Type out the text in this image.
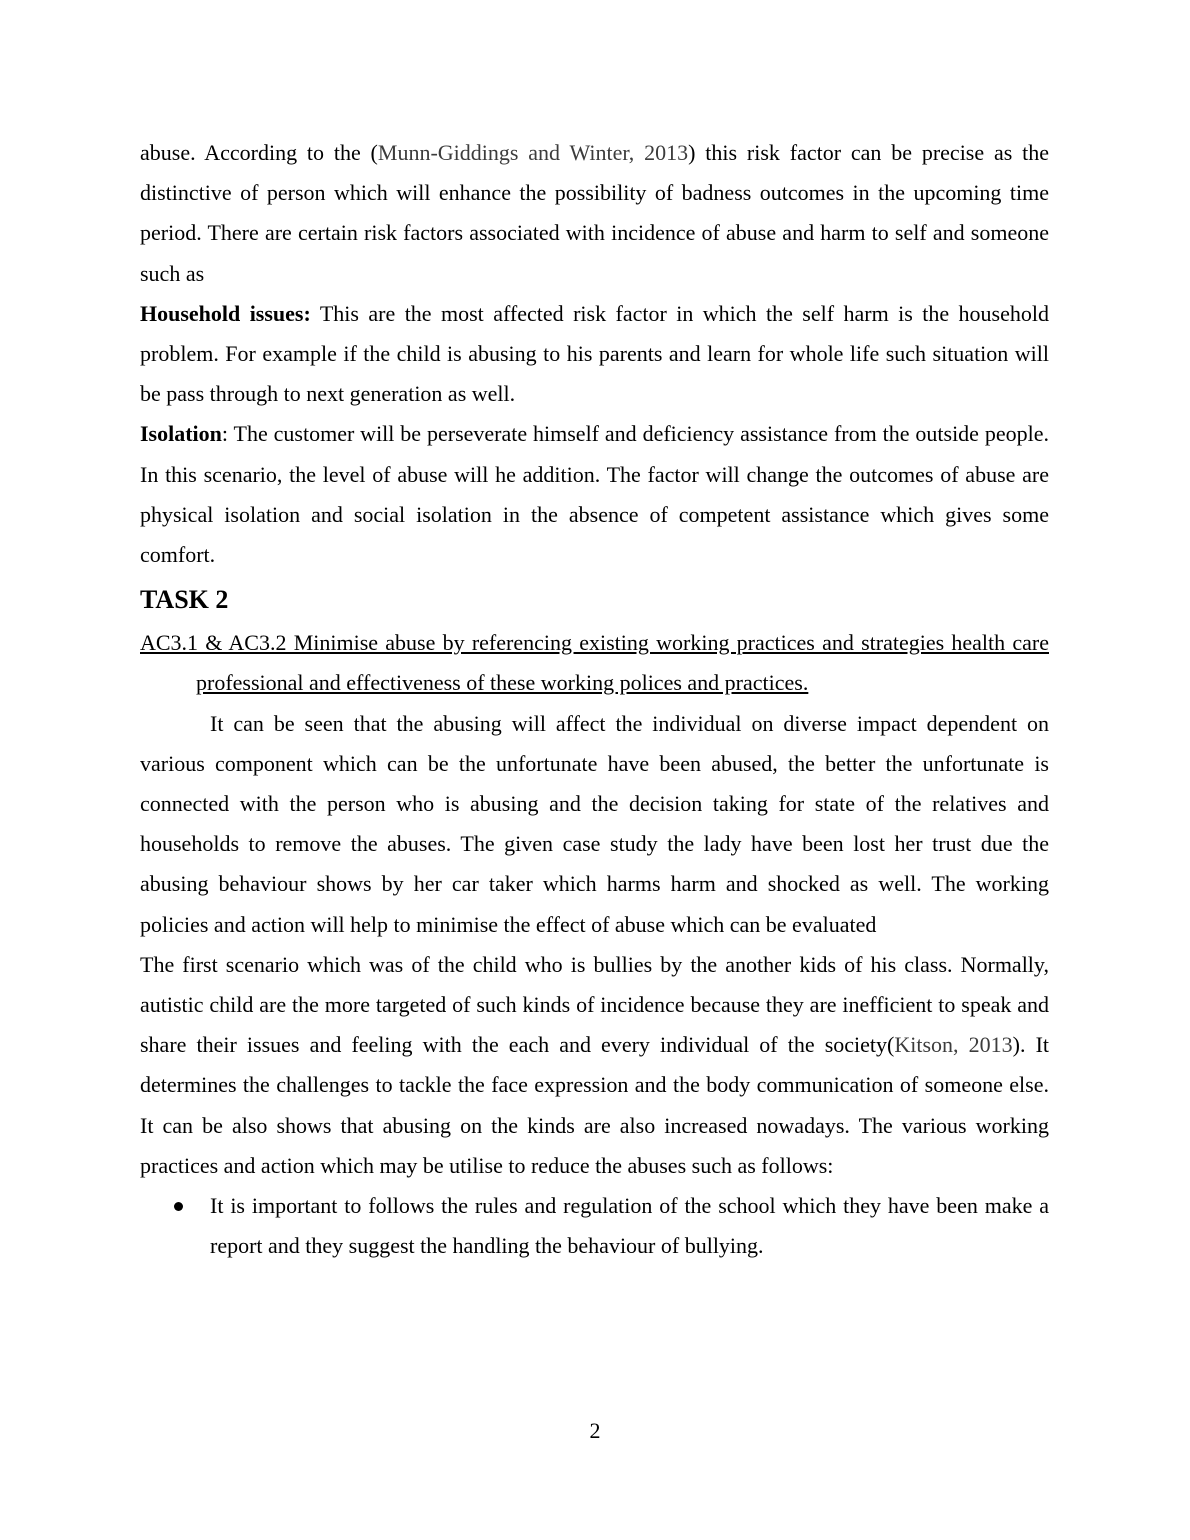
abuse. According to the (Munn-Giddings and Winter, 2013) this risk factor can be precise as the distinctive of person which will enhance the possibility of badness outcomes in the upcoming time period. There are certain risk factors associated with incidence of abuse and harm to self and someone such as

Household issues: This are the most affected risk factor in which the self harm is the household problem. For example if the child is abusing to his parents and learn for whole life such situation will be pass through to next generation as well.

Isolation: The customer will be perseverate himself and deficiency assistance from the outside people. In this scenario, the level of abuse will he addition. The factor will change the outcomes of abuse are physical isolation and social isolation in the absence of competent assistance which gives some comfort.

TASK 2

AC3.1 & AC3.2 Minimise abuse by referencing existing working practices and strategies health care professional and effectiveness of these working polices and practices.

It can be seen that the abusing will affect the individual on diverse impact dependent on various component which can be the unfortunate have been abused, the better the unfortunate is connected with the person who is abusing and the decision taking for state of the relatives and households to remove the abuses. The given case study the lady have been lost her trust due the abusing behaviour shows by her car taker which harms harm and shocked as well. The working policies and action will help to minimise the effect of abuse which can be evaluated

The first scenario which was of the child who is bullies by the another kids of his class. Normally, autistic child are the more targeted of such kinds of incidence because they are inefficient to speak and share their issues and feeling with the each and every individual of the society(Kitson, 2013). It determines the challenges to tackle the face expression and the body communication of someone else. It can be also shows that abusing on the kinds are also increased nowadays. The various working practices and action which may be utilise to reduce the abuses such as follows:

It is important to follows the rules and regulation of the school which they have been make a report and they suggest the handling the behaviour of bullying.
2
